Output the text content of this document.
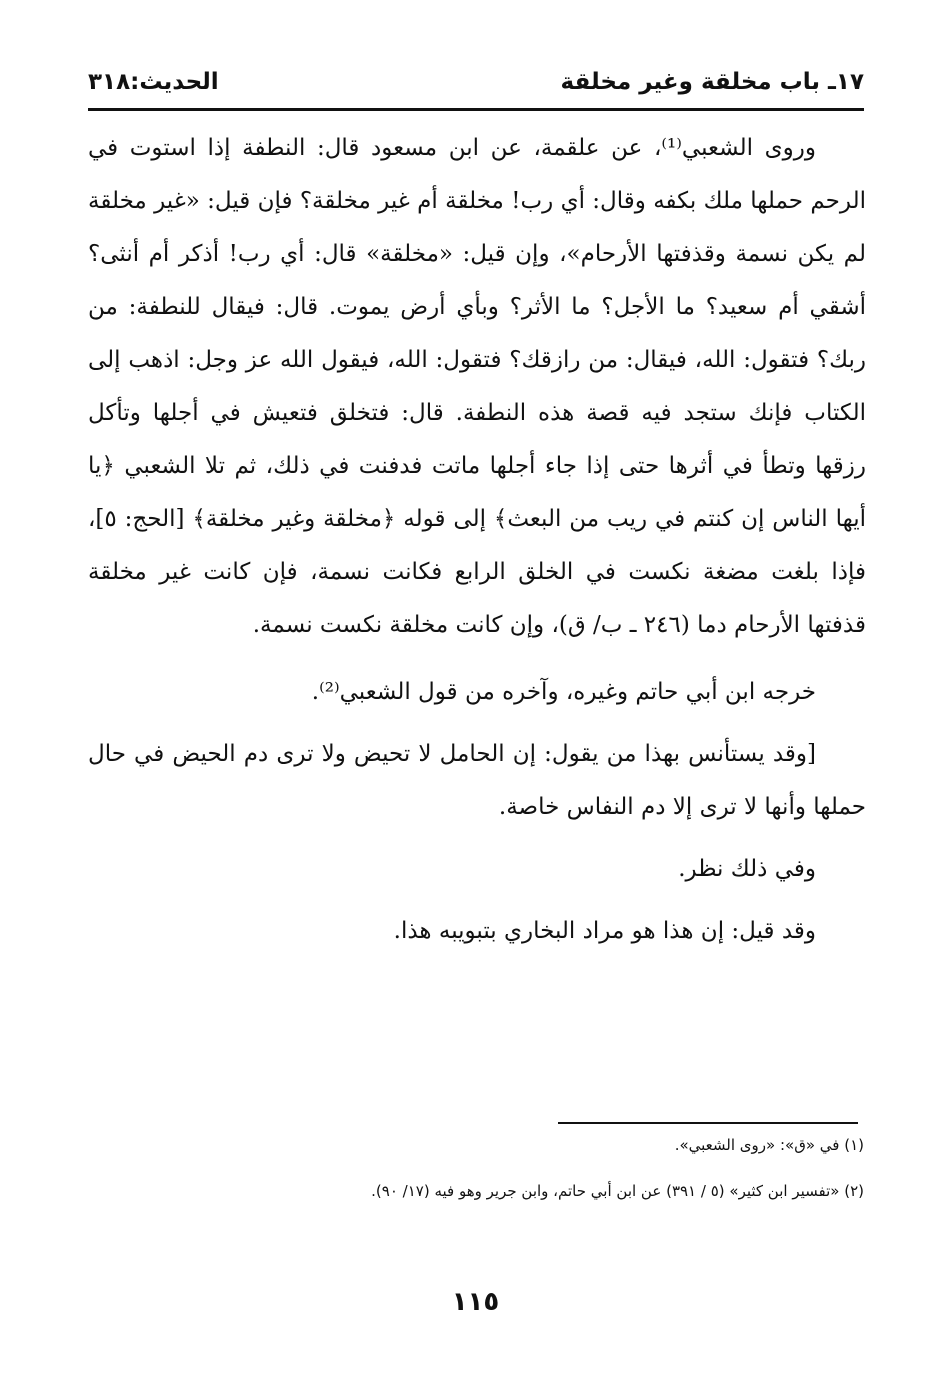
١٧ـ باب مخلقة وغير مخلقة
الحديث:٣١٨

وروى الشعبي⁽¹⁾، عن علقمة، عن ابن مسعود قال: النطفة إذا استوت في الرحم حملها ملك بكفه وقال: أي رب! مخلقة أم غير مخلقة؟ فإن قيل: «غير مخلقة لم يكن نسمة وقذفتها الأرحام»، وإن قيل: «مخلقة» قال: أي رب! أذكر أم أنثى؟ أشقي أم سعيد؟ ما الأجل؟ ما الأثر؟ وبأي أرض يموت. قال: فيقال للنطفة: من ربك؟ فتقول: الله، فيقال: من رازقك؟ فتقول: الله، فيقول الله عز وجل: اذهب إلى الكتاب فإنك ستجد فيه قصة هذه النطفة. قال: فتخلق فتعيش في أجلها وتأكل رزقها وتطأ في أثرها حتى إذا جاء أجلها ماتت فدفنت في ذلك، ثم تلا الشعبي ﴿يا أيها الناس إن كنتم في ريب من البعث﴾ إلى قوله ﴿مخلقة وغير مخلقة﴾ [الحج: ٥]، فإذا بلغت مضغة نكست في الخلق الرابع فكانت نسمة، فإن كانت غير مخلقة قذفتها الأرحام دما (٢٤٦ ـ ب/ ق)، وإن كانت مخلقة نكست نسمة.

خرجه ابن أبي حاتم وغيره، وآخره من قول الشعبي⁽²⁾.

[وقد يستأنس بهذا من يقول: إن الحامل لا تحيض ولا ترى دم الحيض في حال حملها وأنها لا ترى إلا دم النفاس خاصة.

وفي ذلك نظر.

وقد قيل: إن هذا هو مراد البخاري بتبويبه هذا.

(١) في «ق»: «روى الشعبي».

(٢) «تفسير ابن كثير» (٥ / ٣٩١) عن ابن أبي حاتم، وابن جرير وهو فيه (١٧/ ٩٠).

١١٥
